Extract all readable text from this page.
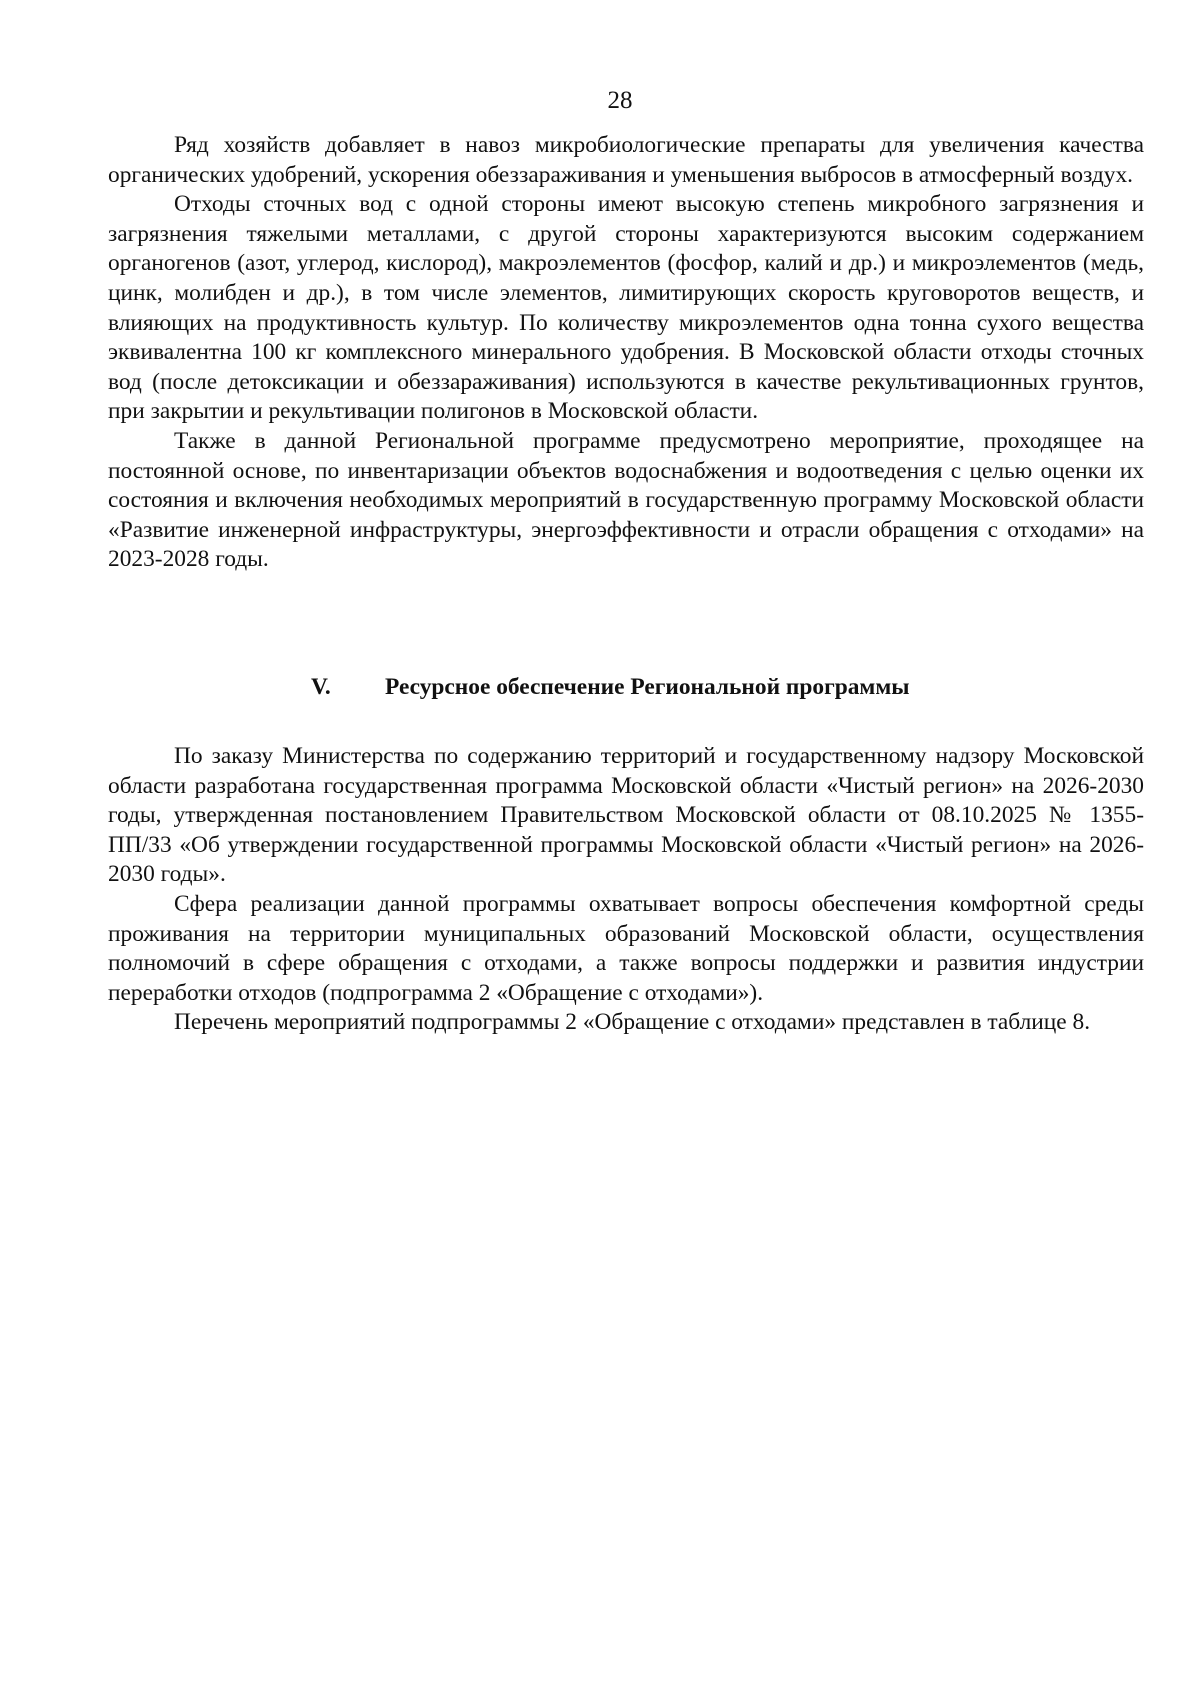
28

Ряд хозяйств добавляет в навоз микробиологические препараты для увеличения качества органических удобрений, ускорения обеззараживания и уменьшения выбросов в атмосферный воздух.

Отходы сточных вод с одной стороны имеют высокую степень микробного загрязнения и загрязнения тяжелыми металлами, с другой стороны характеризуются высоким содержанием органогенов (азот, углерод, кислород), макроэлементов (фосфор, калий и др.) и микроэлементов (медь, цинк, молибден и др.), в том числе элементов, лимитирующих скорость круговоротов веществ, и влияющих на продуктивность культур. По количеству микроэлементов одна тонна сухого вещества эквивалентна 100 кг комплексного минерального удобрения. В Московской области отходы сточных вод (после детоксикации и обеззараживания) используются в качестве рекультивационных грунтов, при закрытии и рекультивации полигонов в Московской области.

Также в данной Региональной программе предусмотрено мероприятие, проходящее на постоянной основе, по инвентаризации объектов водоснабжения и водоотведения с целью оценки их состояния и включения необходимых мероприятий в государственную программу Московской области «Развитие инженерной инфраструктуры, энергоэффективности и отрасли обращения с отходами» на 2023-2028 годы.

V. Ресурсное обеспечение Региональной программы

По заказу Министерства по содержанию территорий и государственному надзору Московской области разработана государственная программа Московской области «Чистый регион» на 2026-2030 годы, утвержденная постановлением Правительством Московской области от 08.10.2025 № 1355-ПП/33 «Об утверждении государственной программы Московской области «Чистый регион» на 2026-2030 годы».

Сфера реализации данной программы охватывает вопросы обеспечения комфортной среды проживания на территории муниципальных образований Московской области, осуществления полномочий в сфере обращения с отходами, а также вопросы поддержки и развития индустрии переработки отходов (подпрограмма 2 «Обращение с отходами»).

Перечень мероприятий подпрограммы 2 «Обращение с отходами» представлен в таблице 8.
